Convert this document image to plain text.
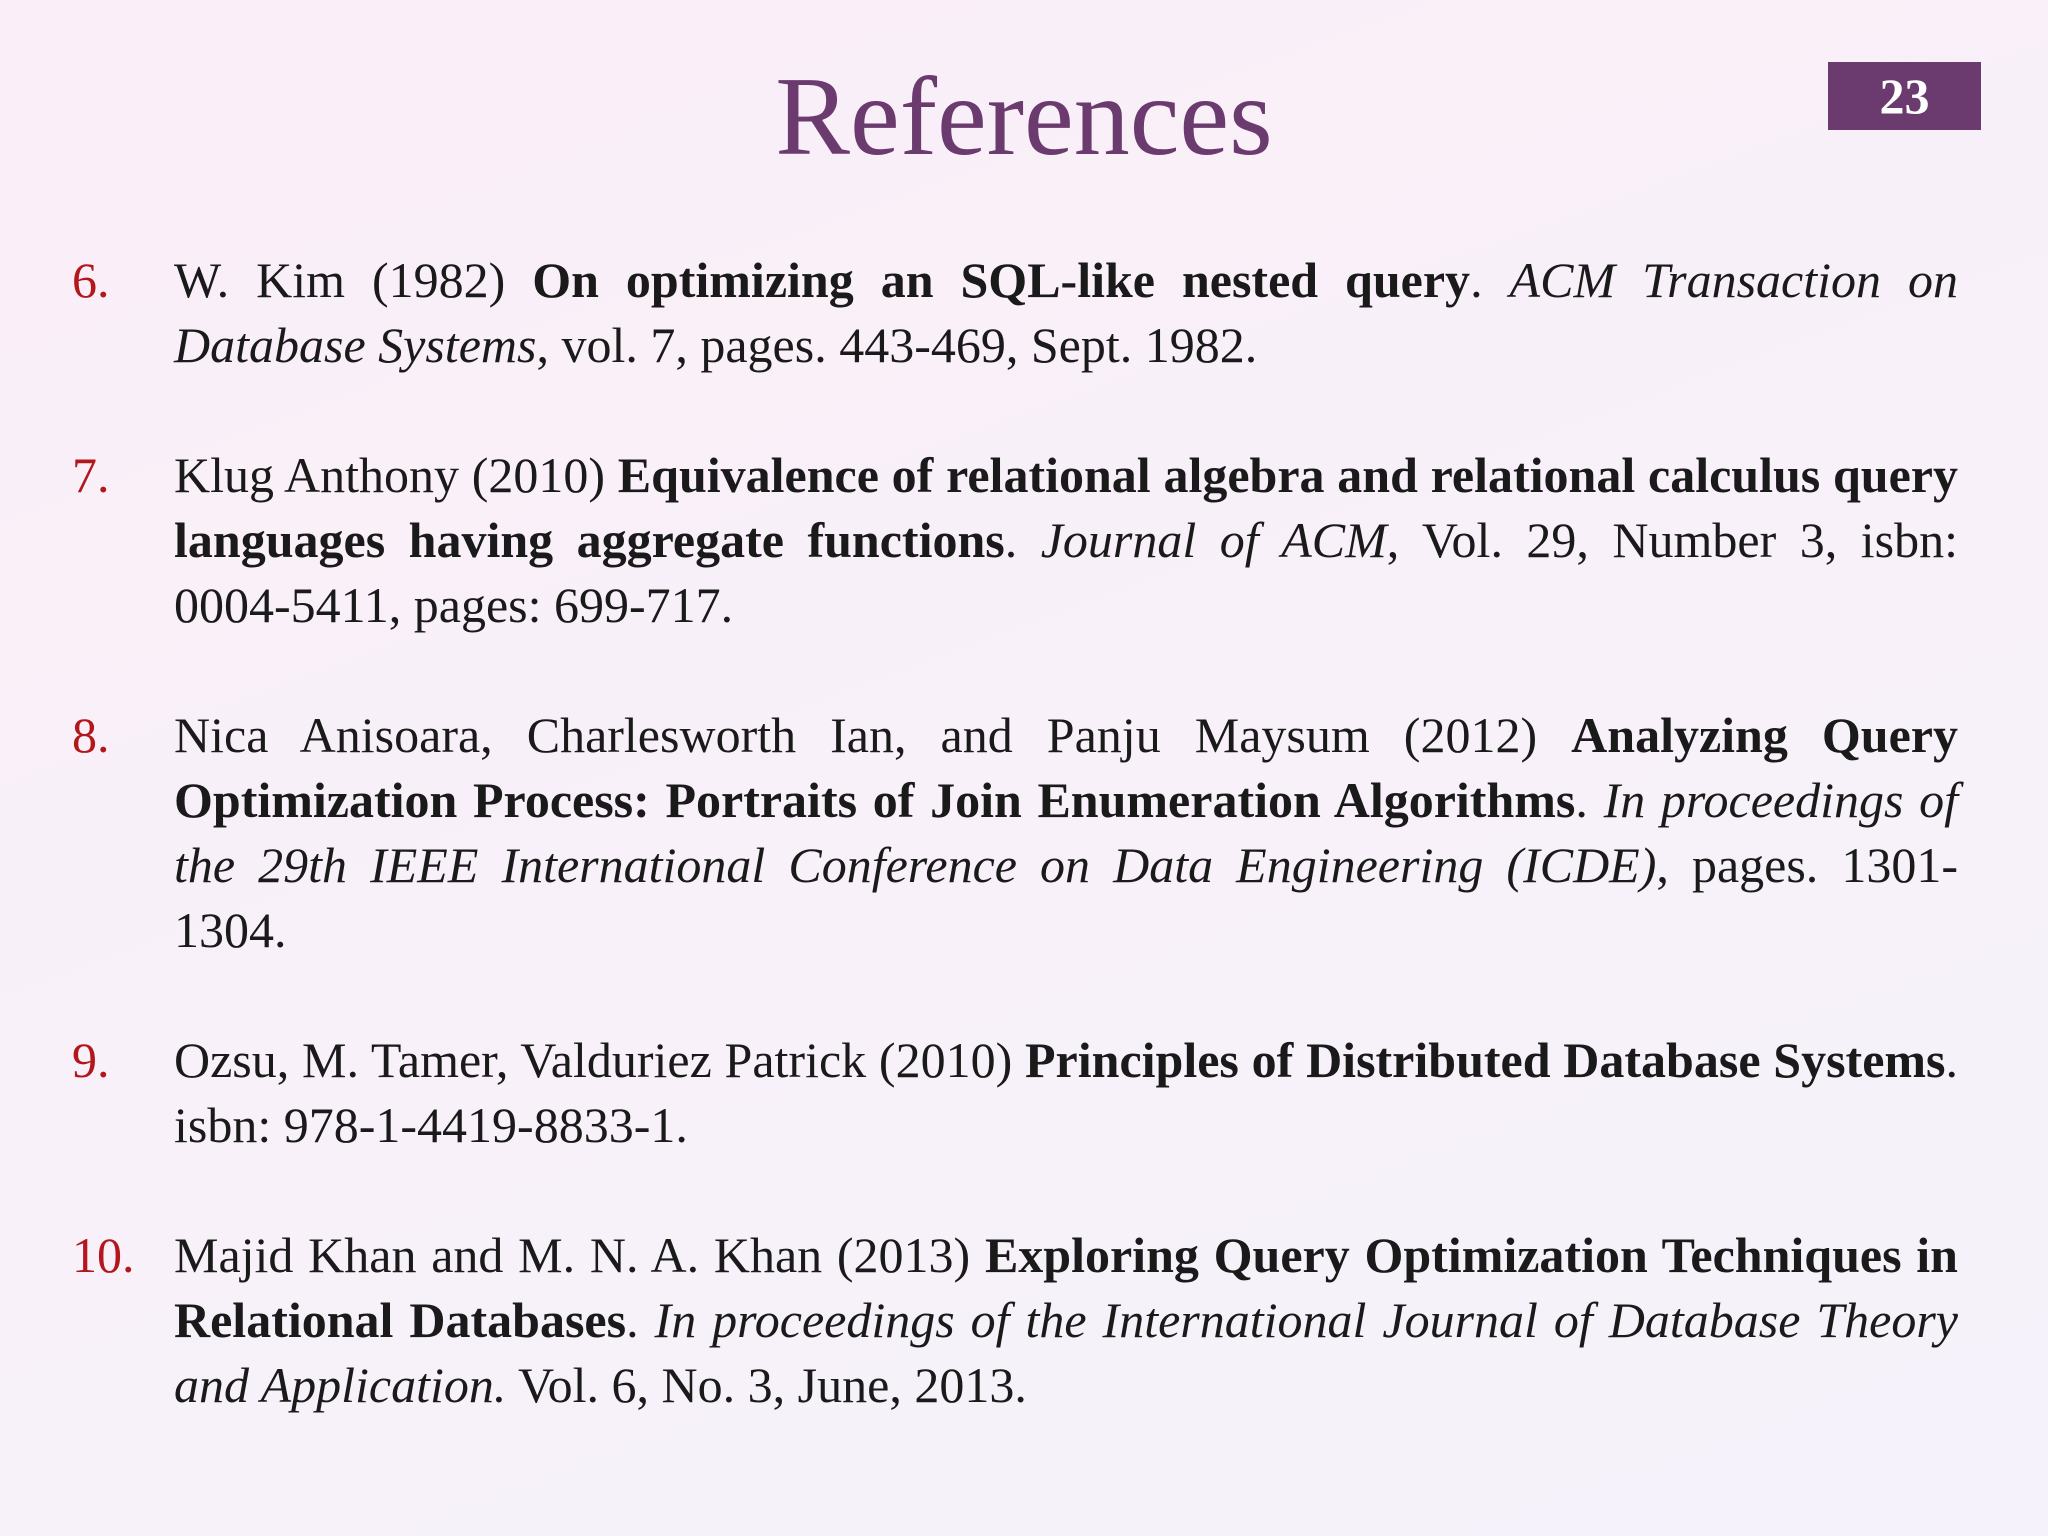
References	23
6. W. Kim (1982) On optimizing an SQL-like nested query. ACM Transaction on Database Systems, vol. 7, pages. 443-469, Sept. 1982.
7. Klug Anthony (2010) Equivalence of relational algebra and relational calculus query languages having aggregate functions. Journal of ACM, Vol. 29, Number 3, isbn: 0004-5411, pages: 699-717.
8. Nica Anisoara, Charlesworth Ian, and Panju Maysum (2012) Analyzing Query Optimization Process: Portraits of Join Enumeration Algorithms. In proceedings of the 29th IEEE International Conference on Data Engineering (ICDE), pages. 1301-1304.
9. Ozsu, M. Tamer, Valduriez Patrick (2010) Principles of Distributed Database Systems. isbn: 978-1-4419-8833-1.
10. Majid Khan and M. N. A. Khan (2013) Exploring Query Optimization Techniques in Relational Databases. In proceedings of the International Journal of Database Theory and Application. Vol. 6, No. 3, June, 2013.
